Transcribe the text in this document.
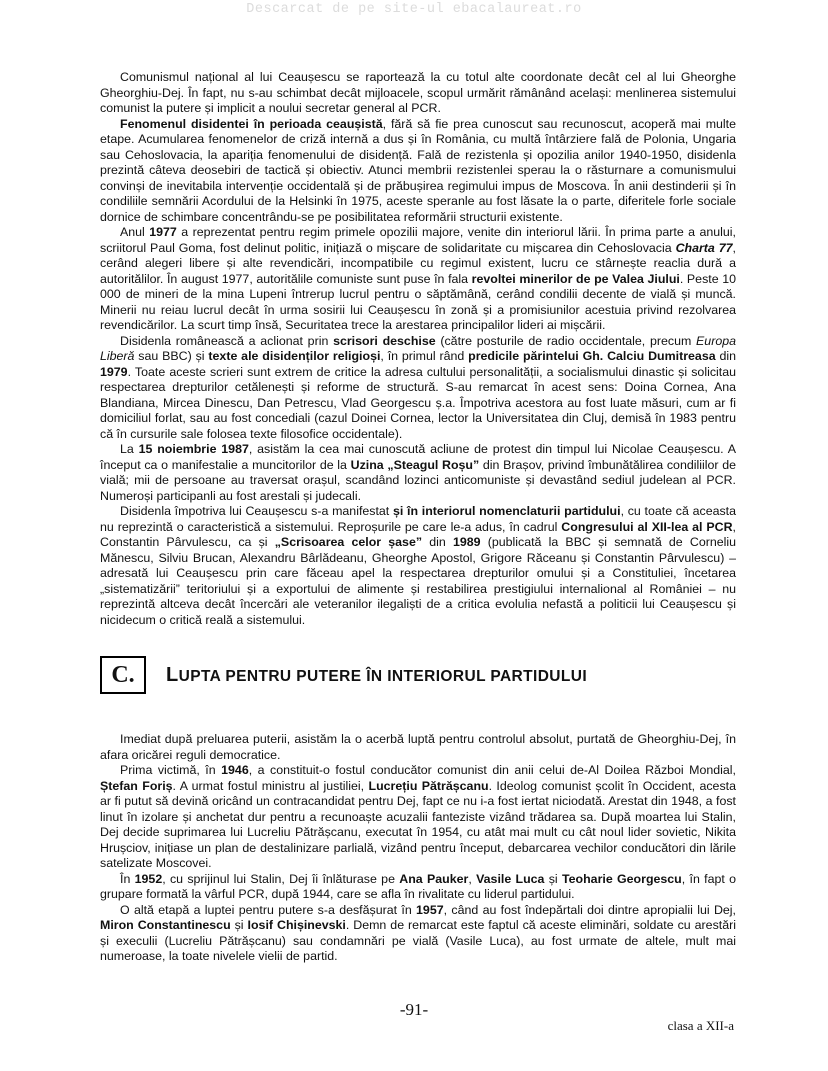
Descarcat de pe site-ul ebacalaureat.ro

Comunismul național al lui Ceaușescu se raportează la cu totul alte coordonate decât cel al lui Gheorghe Gheorghiu-Dej. În fapt, nu s-au schimbat decât mijloacele, scopul urmărit rămânând același: menlinerea sistemului comunist la putere și implicit a noului secretar general al PCR.

Fenomenul disidentei în perioada ceaușistă, fără să fie prea cunoscut sau recunoscut, acoperă mai multe etape. Acumularea fenomenelor de criză internă a dus și în România, cu multă întârziere falǎ de Polonia, Ungaria sau Cehoslovacia, la apariția fenomenului de disidență. Falǎ de rezistenla și opozilia anilor 1940-1950, disidenla prezintă câteva deosebiri de tactică și obiectiv. Atunci membrii rezistenlei sperau la o răsturnare a comunismului convinși de inevitabila intervenție occidentală și de prăbușirea regimului impus de Moscova. În anii destinderii și în condiliile semnării Acordului de la Helsinki în 1975, aceste speranle au fost lăsate la o parte, diferitele forle sociale dornice de schimbare concentrându-se pe posibilitatea reformării structurii existente.

Anul 1977 a reprezentat pentru regim primele opozilii majore, venite din interiorul lării. În prima parte a anului, scriitorul Paul Goma, fost delinut politic, inițiază o mișcare de solidaritate cu mișcarea din Cehoslovacia Charta 77, cerând alegeri libere și alte revendicări, incompatibile cu regimul existent, lucru ce stârnește reaclia dură a autoritălilor. În august 1977, autoritălile comuniste sunt puse în fala revoltei minerilor de pe Valea Jiului. Peste 10 000 de mineri de la mina Lupeni întrerup lucrul pentru o săptămână, cerând condilii decente de vială și muncă. Minerii nu reiau lucrul decât în urma sosirii lui Ceaușescu în zonă și a promisiunilor acestuia privind rezolvarea revendicărilor. La scurt timp însă, Securitatea trece la arestarea principalilor lideri ai mișcării.

Disidenla românească a aclionat prin scrisori deschise (către posturile de radio occidentale, precum Europa Liberă sau BBC) și texte ale disidenților religioși, în primul rând predicile părintelui Gh. Calciu Dumitreasa din 1979. Toate aceste scrieri sunt extrem de critice la adresa cultului personalității, a socialismului dinastic și solicitau respectarea drepturilor cetălenești și reforme de structură. S-au remarcat în acest sens: Doina Cornea, Ana Blandiana, Mircea Dinescu, Dan Petrescu, Vlad Georgescu ș.a. Împotriva acestora au fost luate măsuri, cum ar fi domiciliul forlat, sau au fost concediali (cazul Doinei Cornea, lector la Universitatea din Cluj, demisă în 1983 pentru că în cursurile sale folosea texte filosofice occidentale).

La 15 noiembrie 1987, asistăm la cea mai cunoscută acliune de protest din timpul lui Nicolae Ceaușescu. A început ca o manifestalie a muncitorilor de la Uzina „Steagul Roșu” din Brașov, privind îmbunătălirea condiliilor de vială; mii de persoane au traversat orașul, scandând lozinci anticomuniste și devastând sediul judelean al PCR. Numeroși participanli au fost arestali și judecali.

Disidenla împotriva lui Ceaușescu s-a manifestat și în interiorul nomenclaturii partidului, cu toate că aceasta nu reprezintă o caracteristică a sistemului. Reproșurile pe care le-a adus, în cadrul Congresului al XII-lea al PCR, Constantin Pârvulescu, ca și „Scrisoarea celor șase” din 1989 (publicată la BBC și semnată de Corneliu Mănescu, Silviu Brucan, Alexandru Bârlădeanu, Gheorghe Apostol, Grigore Răceanu și Constantin Pârvulescu) – adresată lui Ceaușescu prin care făceau apel la respectarea drepturilor omului și a Constituliei, încetarea „sistematizării” teritoriului și a exportului de alimente și restabilirea prestigiului internalional al României – nu reprezintă altceva decât încercări ale veteranilor ilegaliști de a critica evolulia nefastă a politicii lui Ceaușescu și nicidecum o critică reală a sistemului.

C.	LUPTA PENTRU PUTERE ÎN INTERIORUL PARTIDULUI

Imediat după preluarea puterii, asistăm la o acerbă luptă pentru controlul absolut, purtată de Gheorghiu-Dej, în afara oricărei reguli democratice.

Prima victimă, în 1946, a constituit-o fostul conducător comunist din anii celui de-Al Doilea Război Mondial, Ștefan Foriș. A urmat fostul ministru al justiliei, Lucrețiu Pătrășcanu. Ideolog comunist școlit în Occident, acesta ar fi putut să devină oricând un contracandidat pentru Dej, fapt ce nu i-a fost iertat niciodată. Arestat din 1948, a fost linut în izolare și anchetat dur pentru a recunoaște acuzalii fanteziste vizând trădarea sa. După moartea lui Stalin, Dej decide suprimarea lui Lucreliu Pătrășcanu, executat în 1954, cu atât mai mult cu cât noul lider sovietic, Nikita Hrușciov, inițiase un plan de destalinizare parlială, vizând pentru început, debarcarea vechilor conducători din lările satelizate Moscovei.

În 1952, cu sprijinul lui Stalin, Dej îi înlăturase pe Ana Pauker, Vasile Luca și Teoharie Georgescu, în fapt o grupare formată la vârful PCR, după 1944, care se afla în rivalitate cu liderul partidului.

O altă etapă a luptei pentru putere s-a desfășurat în 1957, când au fost îndepărtali doi dintre apropialii lui Dej, Miron Constantinescu și Iosif Chișinevski. Demn de remarcat este faptul că aceste eliminări, soldate cu arestări și execulii (Lucreliu Pătrășcanu) sau condamnări pe vială (Vasile Luca), au fost urmate de altele, mult mai numeroase, la toate nivelele vielii de partid.

-91-
clasa a XII-a
